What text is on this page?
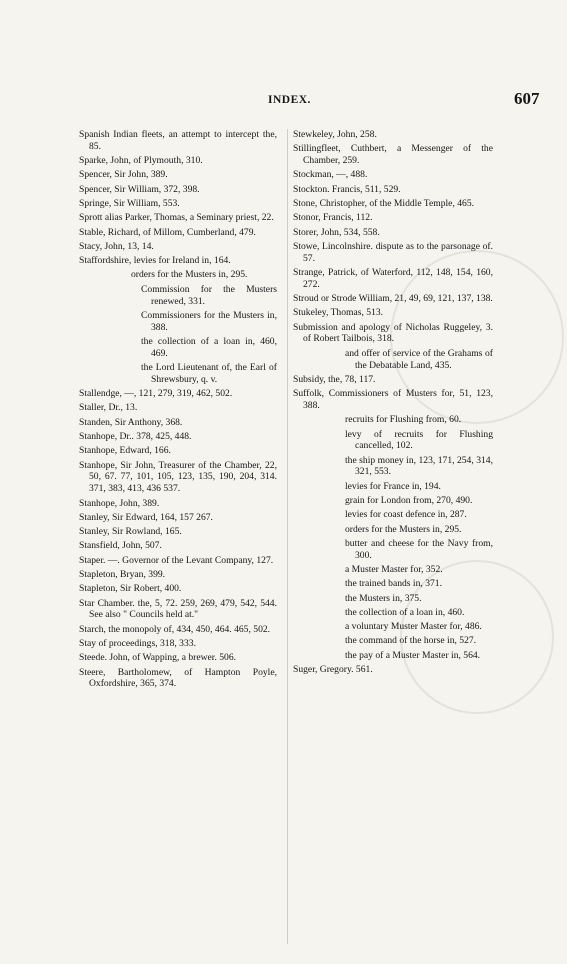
INDEX.	607
Spanish Indian fleets, an attempt to intercept the, 85.
Sparke, John, of Plymouth, 310.
Spencer, Sir John, 389.
Spencer, Sir William, 372, 398.
Springe, Sir William, 553.
Sprott alias Parker, Thomas, a Seminary priest, 22.
Stable, Richard, of Millom, Cumberland, 479.
Stacy, John, 13, 14.
Staffordshire, levies for Ireland in, 164.
orders for the Musters in, 295.
Commission for the Musters renewed, 331.
Commissioners for the Musters in, 388.
the collection of a loan in, 460, 469.
the Lord Lieutenant of, the Earl of Shrewsbury, q. v.
Stallendge, —, 121, 279, 319, 462, 502.
Staller, Dr., 13.
Standen, Sir Anthony, 368.
Stanhope, Dr.. 378, 425, 448.
Stanhope, Edward, 166.
Stanhope, Sir John, Treasurer of the Chamber, 22, 50, 67. 77, 101, 105, 123, 135, 190, 204, 314. 371, 383, 413, 436 537.
Stanhope, John, 389.
Stanley, Sir Edward, 164, 157 267.
Stanley, Sir Rowland, 165.
Stansfield, John, 507.
Staper. —. Governor of the Levant Company, 127.
Stapleton, Bryan, 399.
Stapleton, Sir Robert, 400.
Star Chamber. the, 5, 72. 259, 269, 479, 542, 544. See also " Councils held at."
Starch, the monopoly of, 434, 450, 464. 465, 502.
Stay of proceedings, 318, 333.
Steede. John, of Wapping, a brewer. 506.
Steere, Bartholomew, of Hampton Poyle, Oxfordshire, 365, 374.
Stewkeley, John, 258.
Stillingfleet, Cuthbert, a Messenger of the Chamber, 259.
Stockman, —, 488.
Stockton. Francis, 511, 529.
Stone, Christopher, of the Middle Temple, 465.
Stonor, Francis, 112.
Storer, John, 534, 558.
Stowe, Lincolnshire. dispute as to the parsonage of. 57.
Strange, Patrick, of Waterford, 112, 148, 154, 160, 272.
Stroud or Strode William, 21, 49, 69, 121, 137, 138.
Stukeley, Thomas, 513.
Submission and apology of Nicholas Ruggeley, 3. of Robert Tailbois, 318.
and offer of service of the Grahams of the Debatable Land, 435.
Subsidy, the, 78, 117.
Suffolk, Commissioners of Musters for, 51, 123, 388.
recruits for Flushing from, 60.
levy of recruits for Flushing cancelled, 102.
the ship money in, 123, 171, 254, 314, 321, 553.
levies for France in, 194.
grain for London from, 270, 490.
levies for coast defence in, 287.
orders for the Musters in, 295.
butter and cheese for the Navy from, 300.
a Muster Master for, 352.
the trained bands in, 371.
the Musters in, 375.
the collection of a loan in, 460.
a voluntary Muster Master for, 486.
the command of the horse in, 527.
the pay of a Muster Master in, 564.
Suger, Gregory. 561.
